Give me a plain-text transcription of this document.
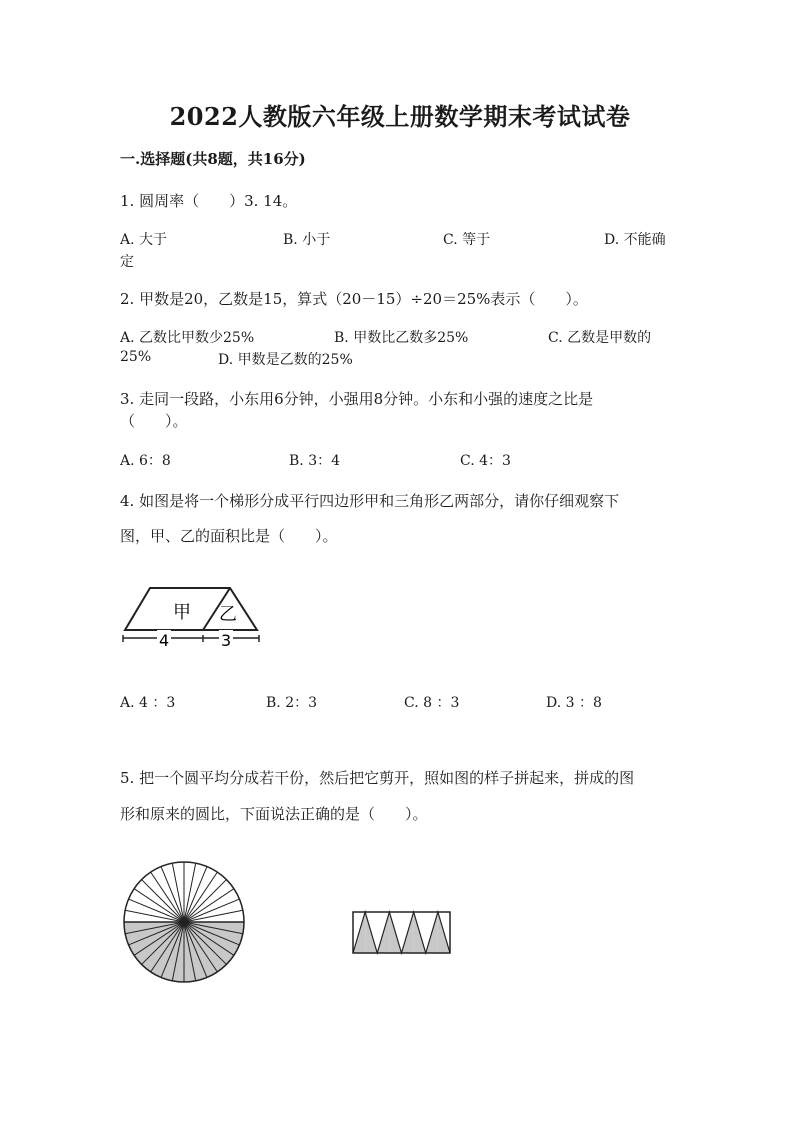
2022人教版六年级上册数学期末考试试卷
一.选择题(共8题，共16分)
1. 圆周率（　　）3. 14。
A. 大于	B. 小于	C. 等于	D. 不能确
定
2. 甲数是20，乙数是15，算式（20－15）÷20＝25%表示（　　）。
A. 乙数比甲数少25%	B. 甲数比乙数多25%	C. 乙数是甲数的
25%	D. 甲数是乙数的25%
3. 走同一段路，小东用6分钟，小强用8分钟。小东和小强的速度之比是
（　　）。
A. 6：8	B. 3：4	C. 4：3
4. 如图是将一个梯形分成平行四边形甲和三角形乙两部分，请你仔细观察下
图，甲、乙的面积比是（　　）。
甲 乙
4	3
A. 4 ：3	B. 2：3	C. 8 ：3	D. 3 ：8
5. 把一个圆平均分成若干份，然后把它剪开，照如图的样子拼起来，拼成的图
形和原来的圆比，下面说法正确的是（　　）。
